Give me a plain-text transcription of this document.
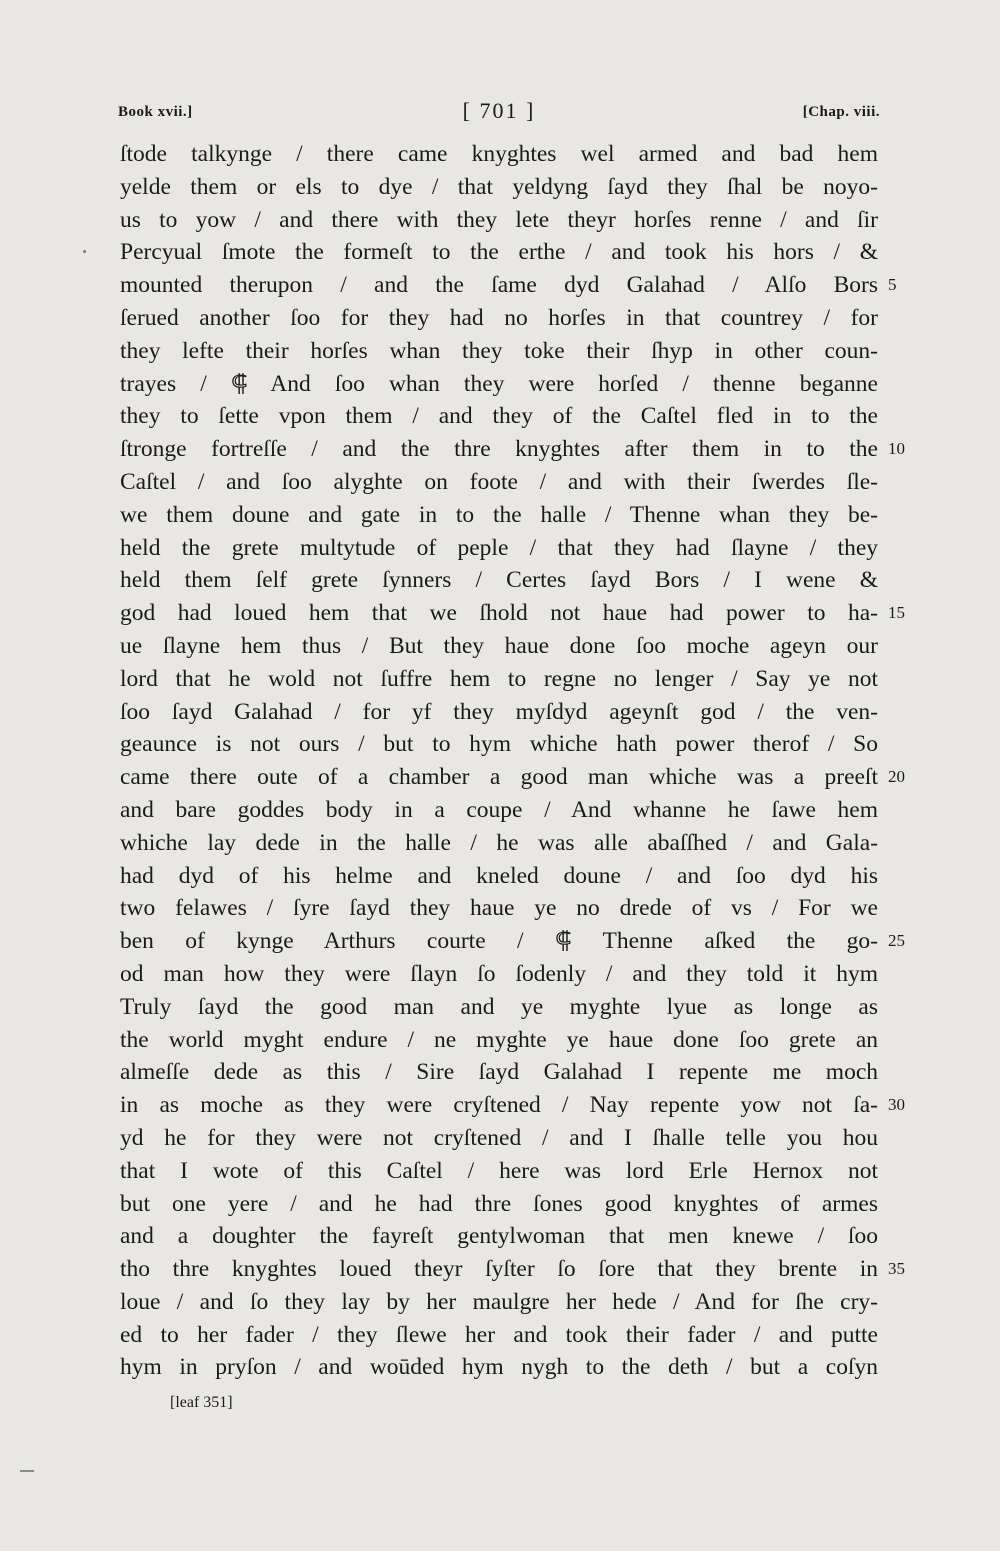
Book xvii.]	[ 701 ]	[Chap. viii.
ſtode talkynge / there came knyghtes wel armed and bad hem
yelde them or els to dye / that yeldyng ſayd they ſhal be noyo-
us to yow / and there with they lete theyr horſes renne / and ſir
Percyual ſmote the formeſt to the erthe / and took his hors / &
mounted therupon / and the ſame dyd Galahad / Alſo Bors 5
ſerued another ſoo for they had no horſes in that countrey / for
they lefte their horſes whan they toke their ſhyp in other coun-
trayes / ⸿ And ſoo whan they were horſed / thenne beganne
they to ſette vpon them / and they of the Caſtel fled in to the
ſtronge fortreſſe / and the thre knyghtes after them in to the 10
Caſtel / and ſoo alyghte on foote / and with their ſwerdes ſle-
we them doune and gate in to the halle / Thenne whan they be-
held the grete multytude of peple / that they had ſlayne / they
held them ſelf grete ſynners / Certes ſayd Bors / I wene &
god had loued hem that we ſhold not haue had power to ha- 15
ue ſlayne hem thus / But they haue done ſoo moche ageyn our
lord that he wold not ſuffre hem to regne no lenger / Say ye not
ſoo ſayd Galahad / for yf they myſdyd ageynſt god / the ven-
geaunce is not ours / but to hym whiche hath power therof / So
came there oute of a chamber a good man whiche was a preeſt 20
and bare goddes body in a coupe / And whanne he ſawe hem
whiche lay dede in the halle / he was alle abaſſhed / and Gala-
had dyd of his helme and kneled doune / and ſoo dyd his
two felawes / ſyre ſayd they haue ye no drede of vs / For we
ben of kynge Arthurs courte / ⸿ Thenne aſked the go- 25
od man how they were ſlayn ſo ſodenly / and they told it hym
Truly ſayd the good man and ye myghte lyue as longe as
the world myght endure / ne myghte ye haue done ſoo grete an
almeſſe dede as this / Sire ſayd Galahad I repente me moch
in as moche as they were cryſtened / Nay repente yow not ſa- 30
yd he for they were not cryſtened / and I ſhalle telle you hou
that I wote of this Caſtel / here was lord Erle Hernox not
but one yere / and he had thre ſones good knyghtes of armes
and a doughter the fayreſt gentylwoman that men knewe / ſoo
tho thre knyghtes loued theyr ſyſter ſo ſore that they brente in 35
loue / and ſo they lay by her maulgre her hede / And for ſhe cry-
ed to her fader / they ſlewe her and took their fader / and putte
hym in pryſon / and woūded hym nygh to the deth / but a coſyn
[leaf 351]
